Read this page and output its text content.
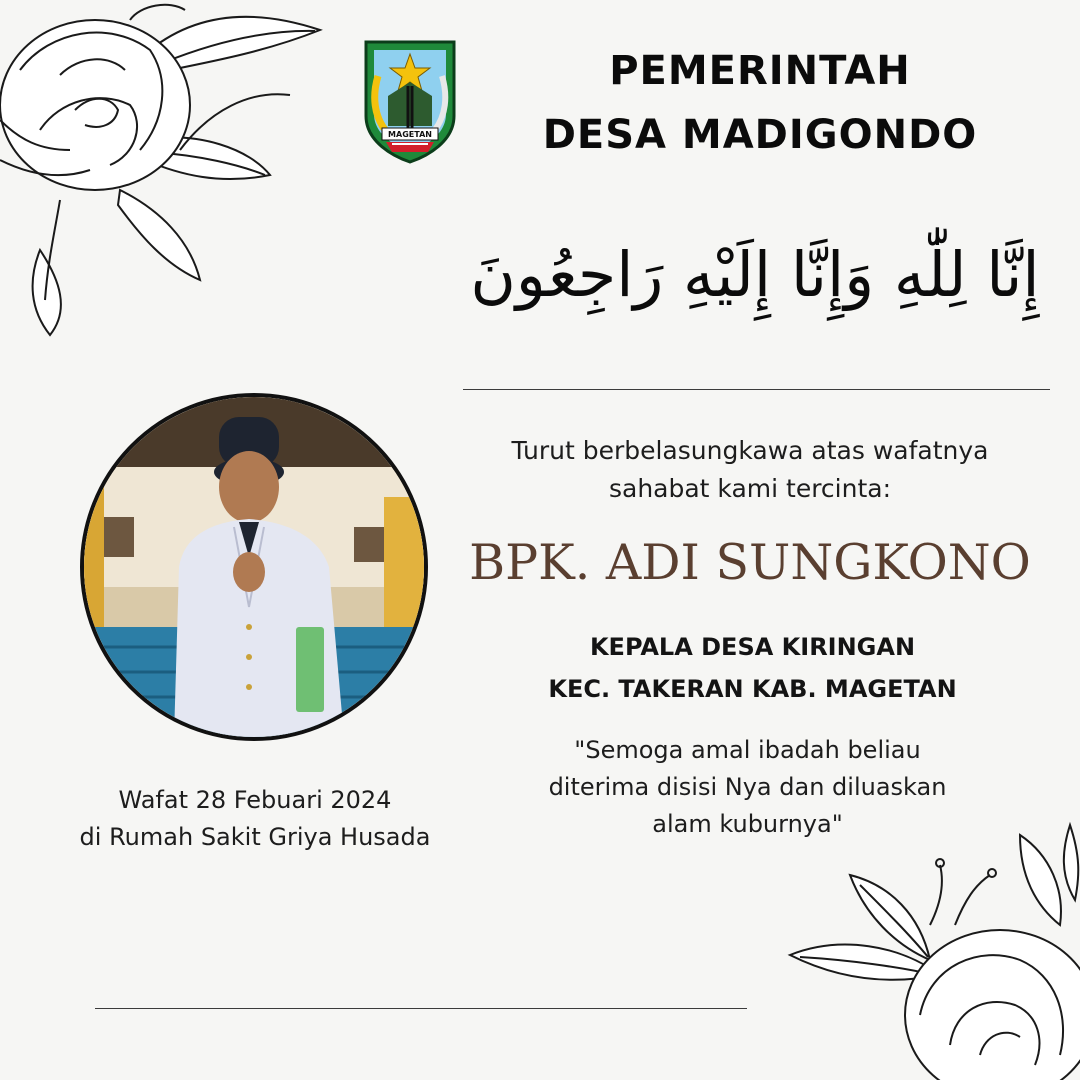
MAGETAN
PEMERINTAH
DESA MADIGONDO
إِنَّا لِلّٰهِ وَإِنَّا إِلَيْهِ رَاجِعُونَ
Turut berbelasungkawa atas wafatnya
sahabat kami tercinta:
BPK. ADI SUNGKONO
KEPALA DESA KIRINGAN
KEC. TAKERAN KAB. MAGETAN
"Semoga amal ibadah beliau
diterima disisi Nya dan diluaskan
alam kuburnya"
Wafat 28 Febuari 2024
di Rumah Sakit Griya Husada
